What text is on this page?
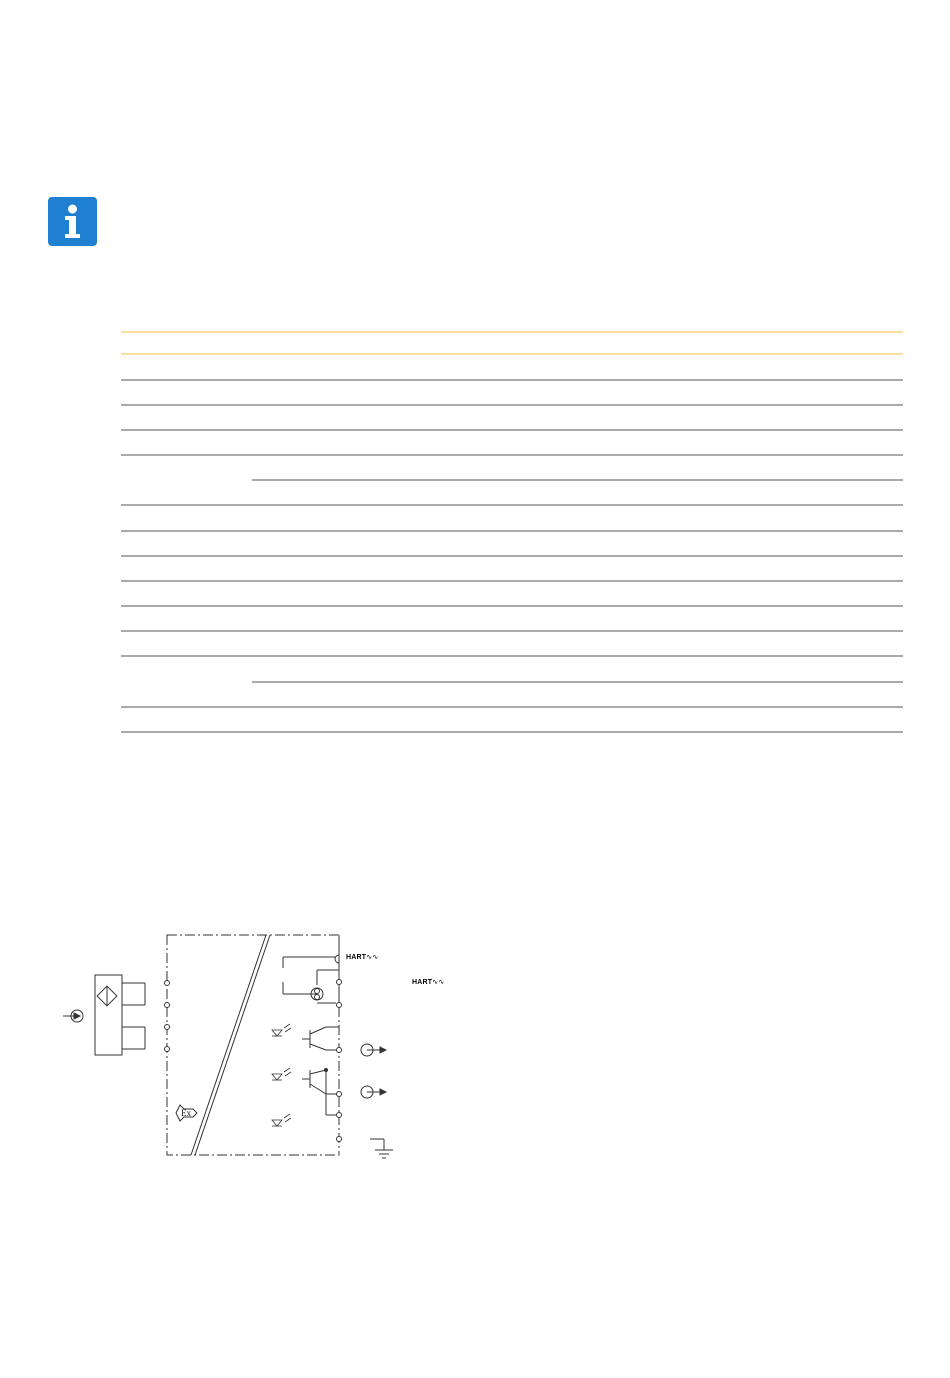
HART∿∿
HART∿∿
Ex
